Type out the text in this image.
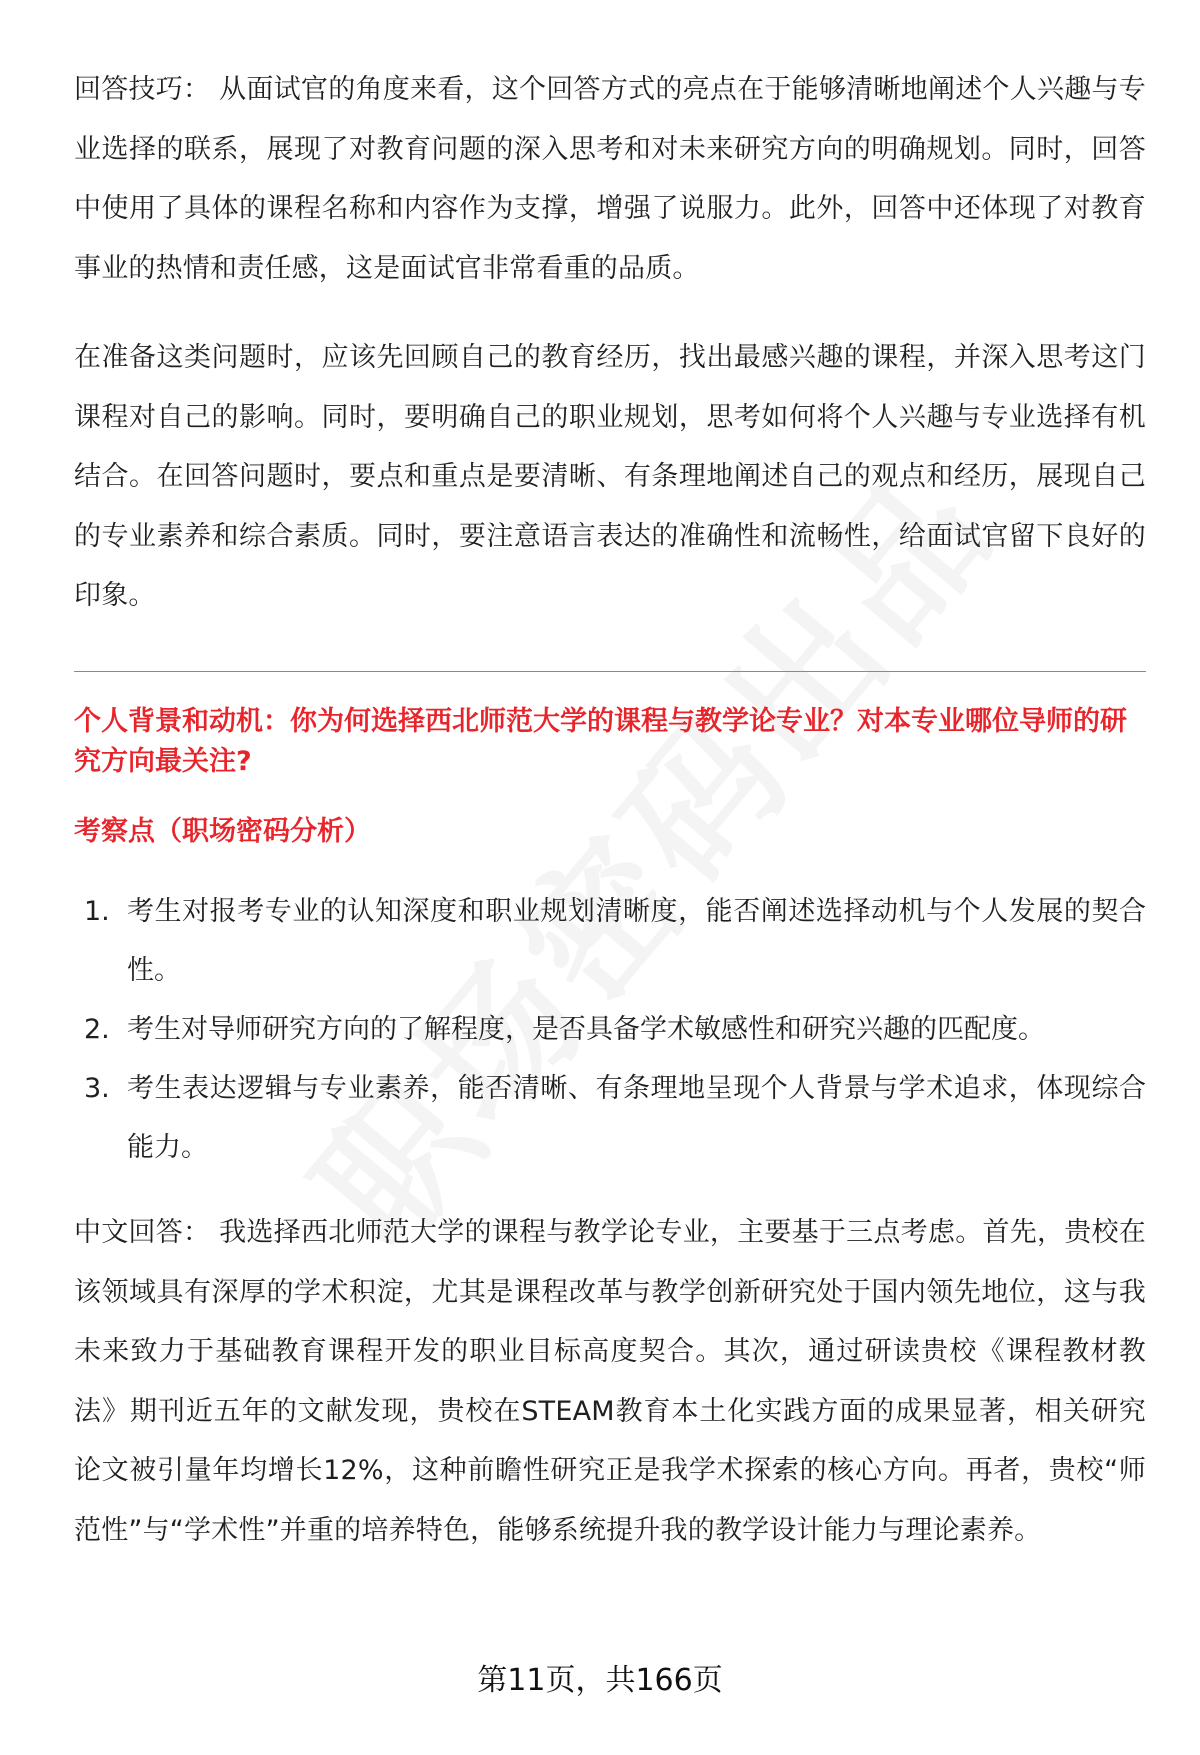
回答技巧： 从面试官的角度来看，这个回答方式的亮点在于能够清晰地阐述个人兴趣与专业选择的联系，展现了对教育问题的深入思考和对未来研究方向的明确规划。同时，回答中使用了具体的课程名称和内容作为支撑，增强了说服力。此外，回答中还体现了对教育事业的热情和责任感，这是面试官非常看重的品质。

在准备这类问题时，应该先回顾自己的教育经历，找出最感兴趣的课程，并深入思考这门课程对自己的影响。同时，要明确自己的职业规划，思考如何将个人兴趣与专业选择有机结合。在回答问题时，要点和重点是要清晰、有条理地阐述自己的观点和经历，展现自己的专业素养和综合素质。同时，要注意语言表达的准确性和流畅性，给面试官留下良好的印象。

个人背景和动机：你为何选择西北师范大学的课程与教学论专业？对本专业哪位导师的研究方向最关注?
考察点（职场密码分析）
1. 考生对报考专业的认知深度和职业规划清晰度，能否阐述选择动机与个人发展的契合性。
2. 考生对导师研究方向的了解程度，是否具备学术敏感性和研究兴趣的匹配度。
3. 考生表达逻辑与专业素养，能否清晰、有条理地呈现个人背景与学术追求，体现综合能力。

中文回答： 我选择西北师范大学的课程与教学论专业，主要基于三点考虑。首先，贵校在该领域具有深厚的学术积淀，尤其是课程改革与教学创新研究处于国内领先地位，这与我未来致力于基础教育课程开发的职业目标高度契合。其次，通过研读贵校《课程教材教法》期刊近五年的文献发现，贵校在STEAM教育本土化实践方面的成果显著，相关研究论文被引量年均增长12%，这种前瞻性研究正是我学术探索的核心方向。再者，贵校“师范性”与“学术性”并重的培养特色，能够系统提升我的教学设计能力与理论素养。

第11页，共166页
